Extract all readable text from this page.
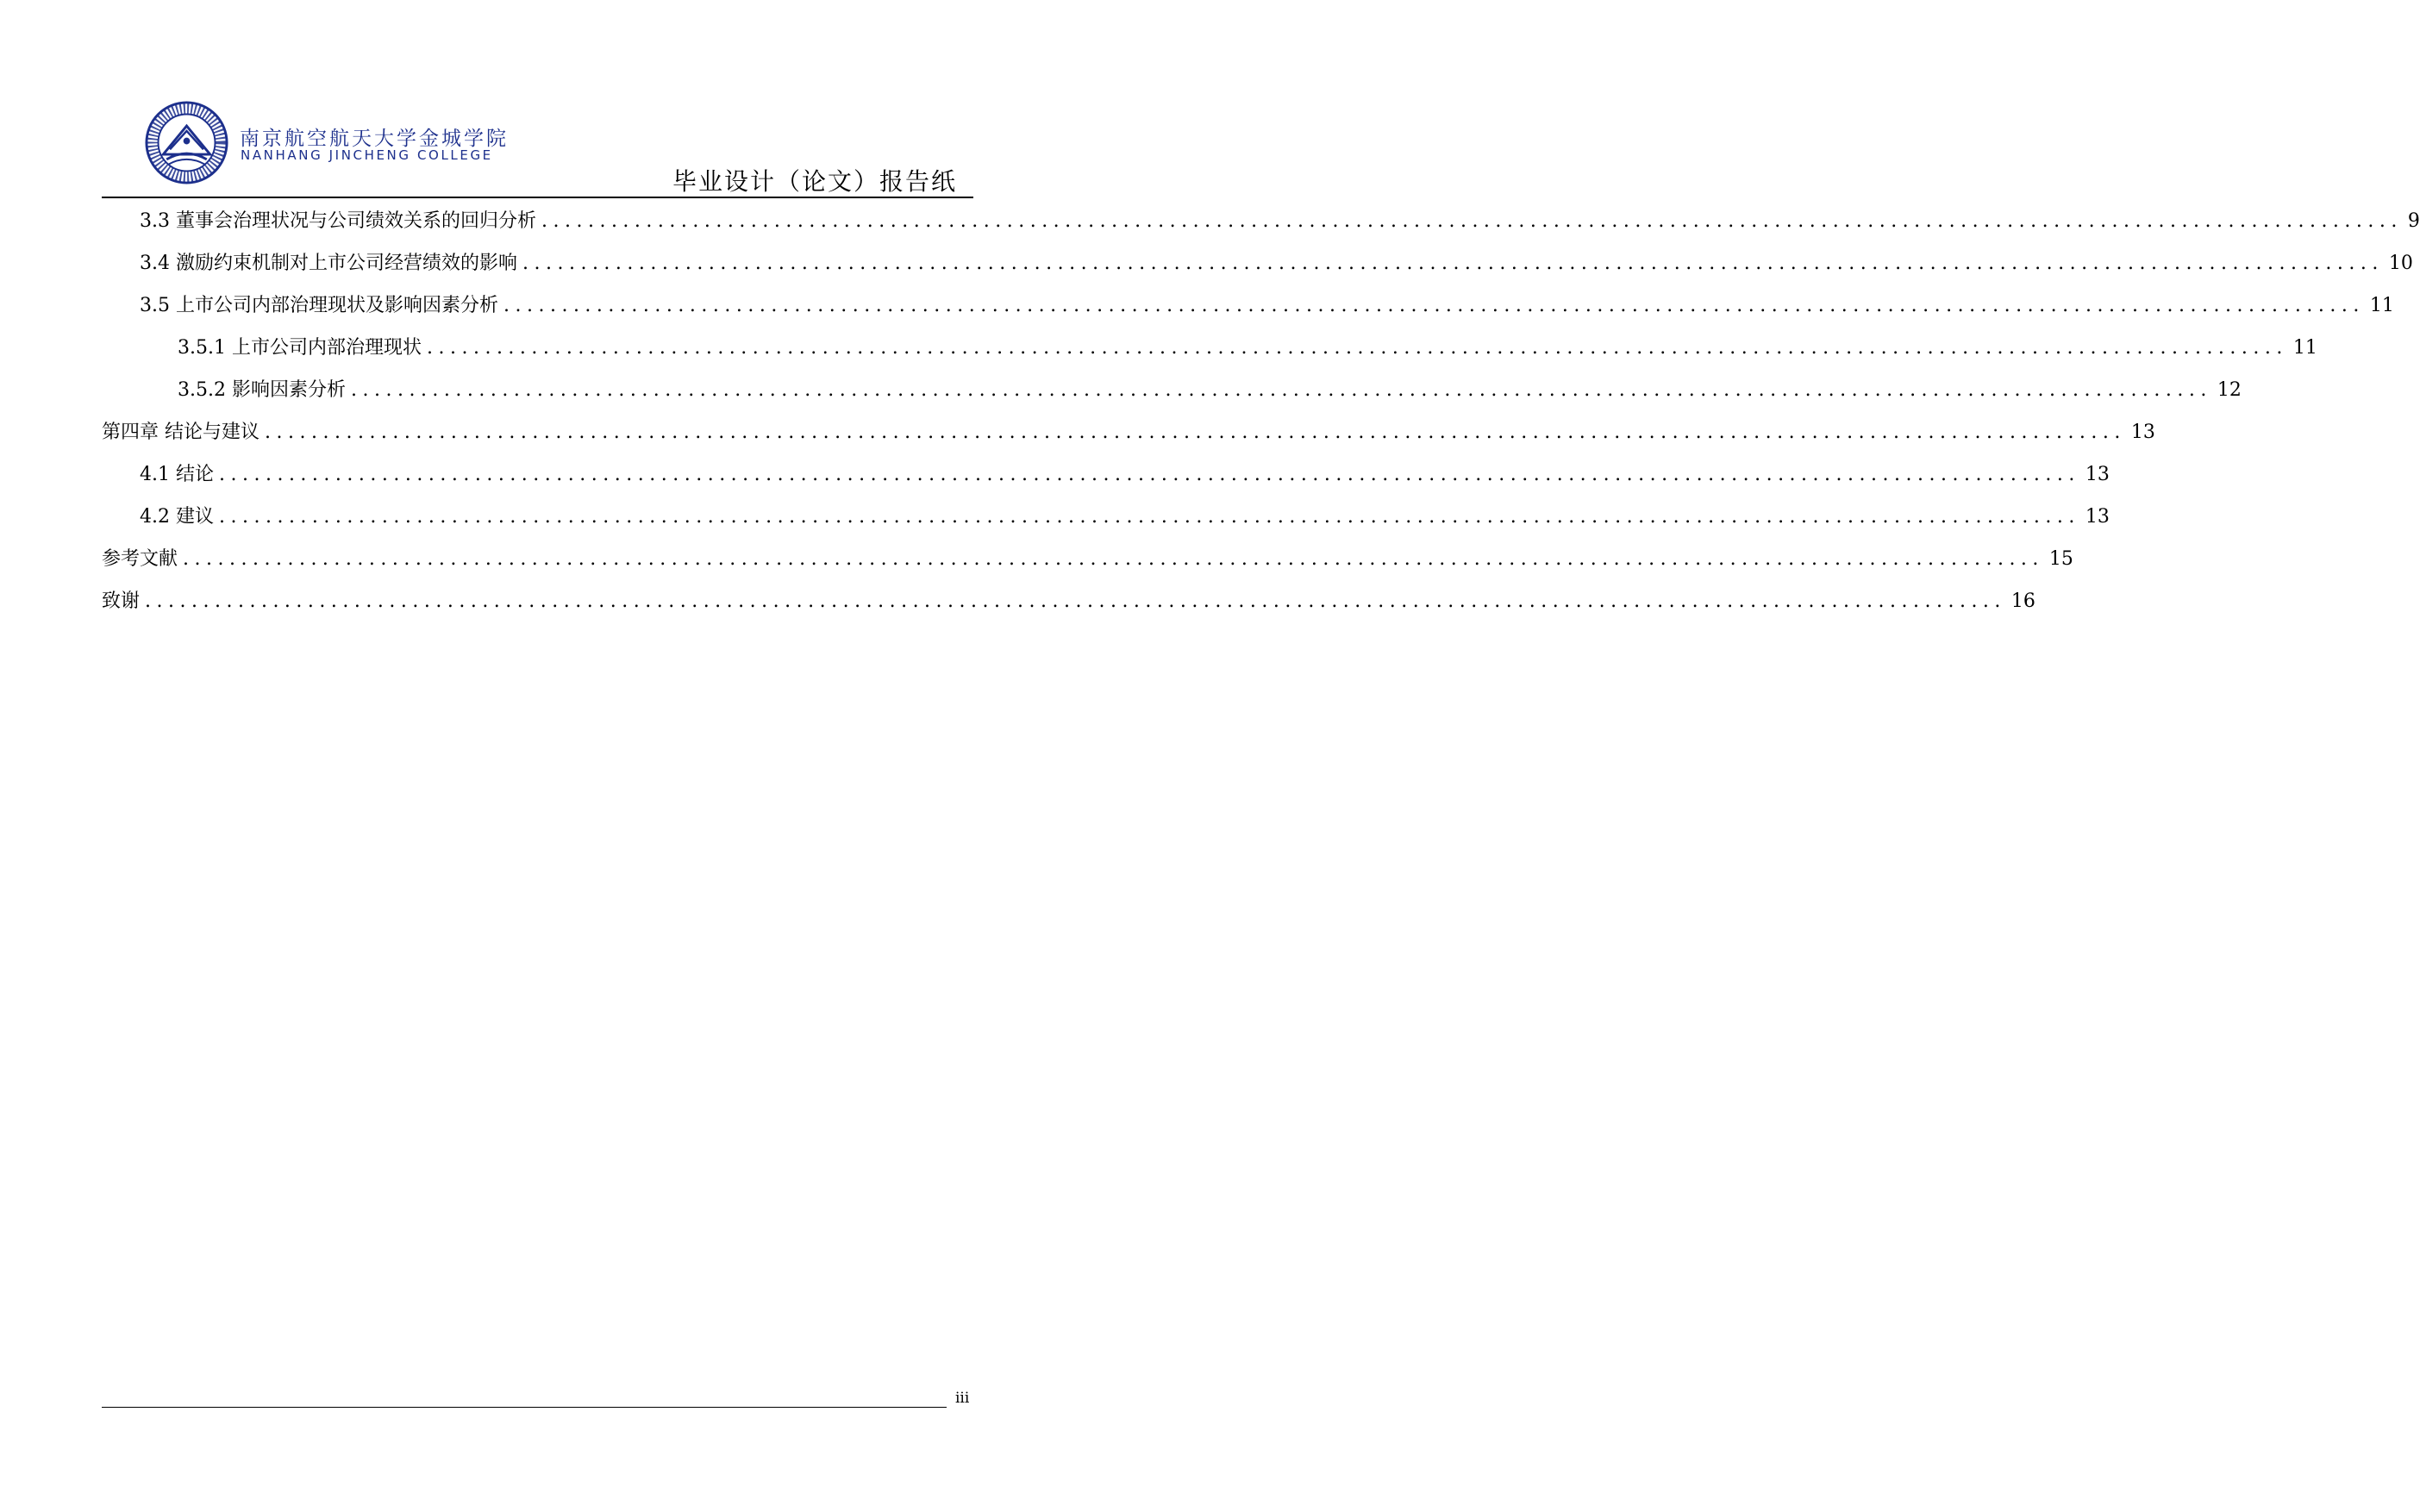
南京航空航天大学金城学院
NANHANG JINCHENG COLLEGE
毕业设计（论文）报告纸
3.3 董事会治理状况与公司绩效关系的回归分析 ................................................................................................................................................................ 9
3.4 激励约束机制对上市公司经营绩效的影响 ................................................................................................................................................................ 10
3.5 上市公司内部治理现状及影响因素分析 ................................................................................................................................................................ 11
3.5.1 上市公司内部治理现状 ................................................................................................................................................................ 11
3.5.2 影响因素分析 ................................................................................................................................................................ 12
第四章 结论与建议 ................................................................................................................................................................ 13
4.1 结论 ................................................................................................................................................................ 13
4.2 建议 ................................................................................................................................................................ 13
参考文献 ................................................................................................................................................................ 15
致谢 ................................................................................................................................................................ 16
iii
